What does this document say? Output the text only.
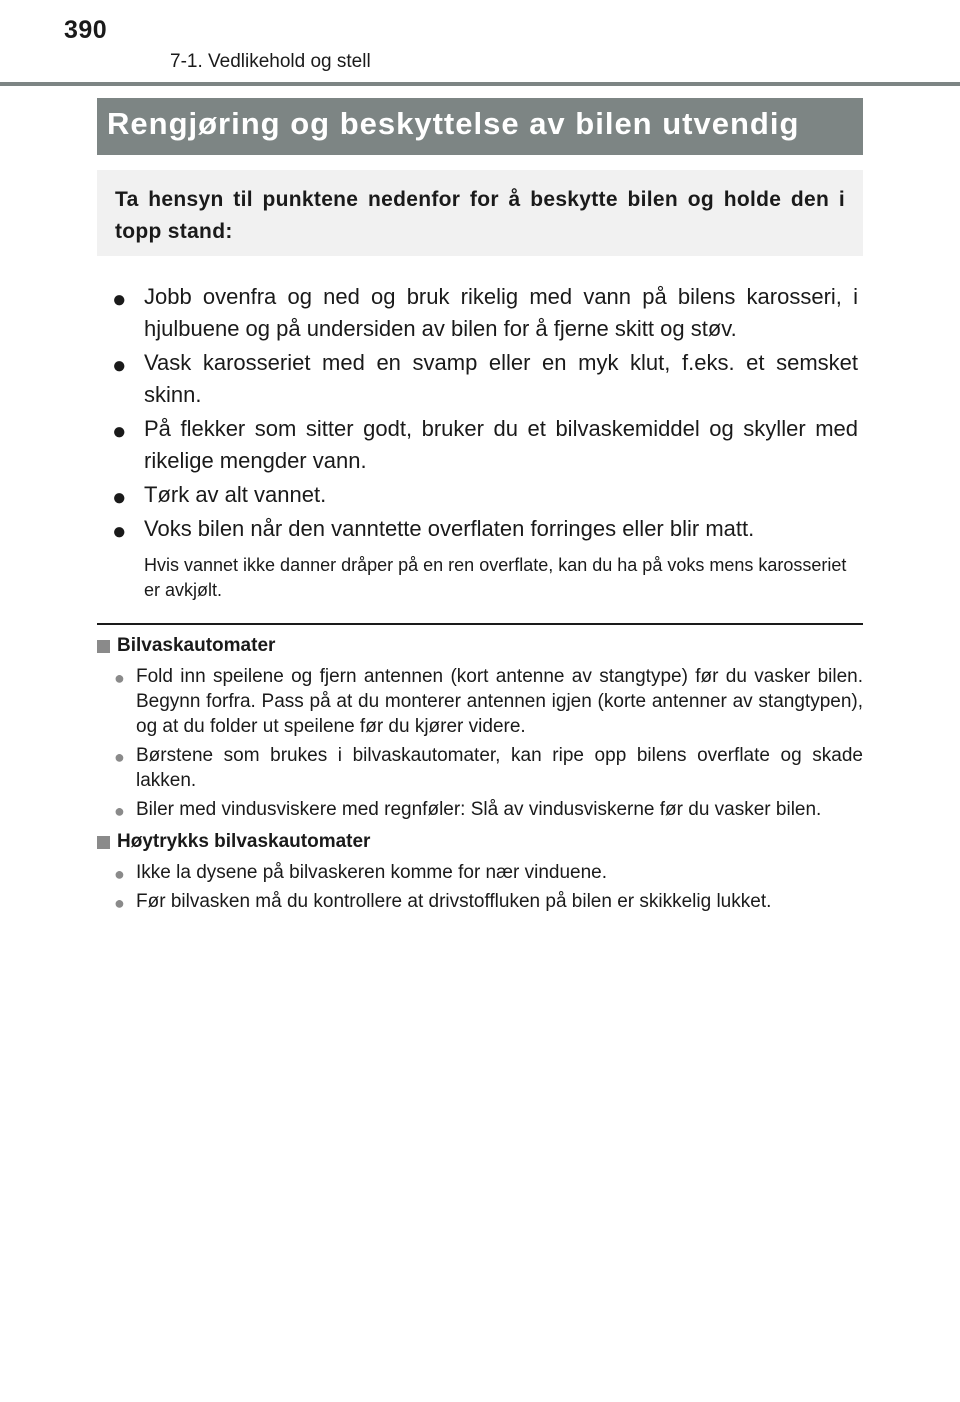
390
7-1. Vedlikehold og stell
Rengjøring og beskyttelse av bilen utvendig
Ta hensyn til punktene nedenfor for å beskytte bilen og holde den i topp stand:
● Jobb ovenfra og ned og bruk rikelig med vann på bilens karosseri, i hjulbuene og på undersiden av bilen for å fjerne skitt og støv.
● Vask karosseriet med en svamp eller en myk klut, f.eks. et semsket skinn.
● På flekker som sitter godt, bruker du et bilvaskemiddel og skyller med rikelige mengder vann.
● Tørk av alt vannet.
● Voks bilen når den vanntette overflaten forringes eller blir matt.
Hvis vannet ikke danner dråper på en ren overflate, kan du ha på voks mens karosseriet er avkjølt.
Bilvaskautomater
● Fold inn speilene og fjern antennen (kort antenne av stangtype) før du vasker bilen. Begynn forfra. Pass på at du monterer antennen igjen (korte antenner av stangtypen), og at du folder ut speilene før du kjører videre.
● Børstene som brukes i bilvaskautomater, kan ripe opp bilens overflate og skade lakken.
● Biler med vindusviskere med regnføler: Slå av vindusviskerne før du vasker bilen.
Høytrykks bilvaskautomater
● Ikke la dysene på bilvaskeren komme for nær vinduene.
● Før bilvasken må du kontrollere at drivstoffluken på bilen er skikkelig lukket.
